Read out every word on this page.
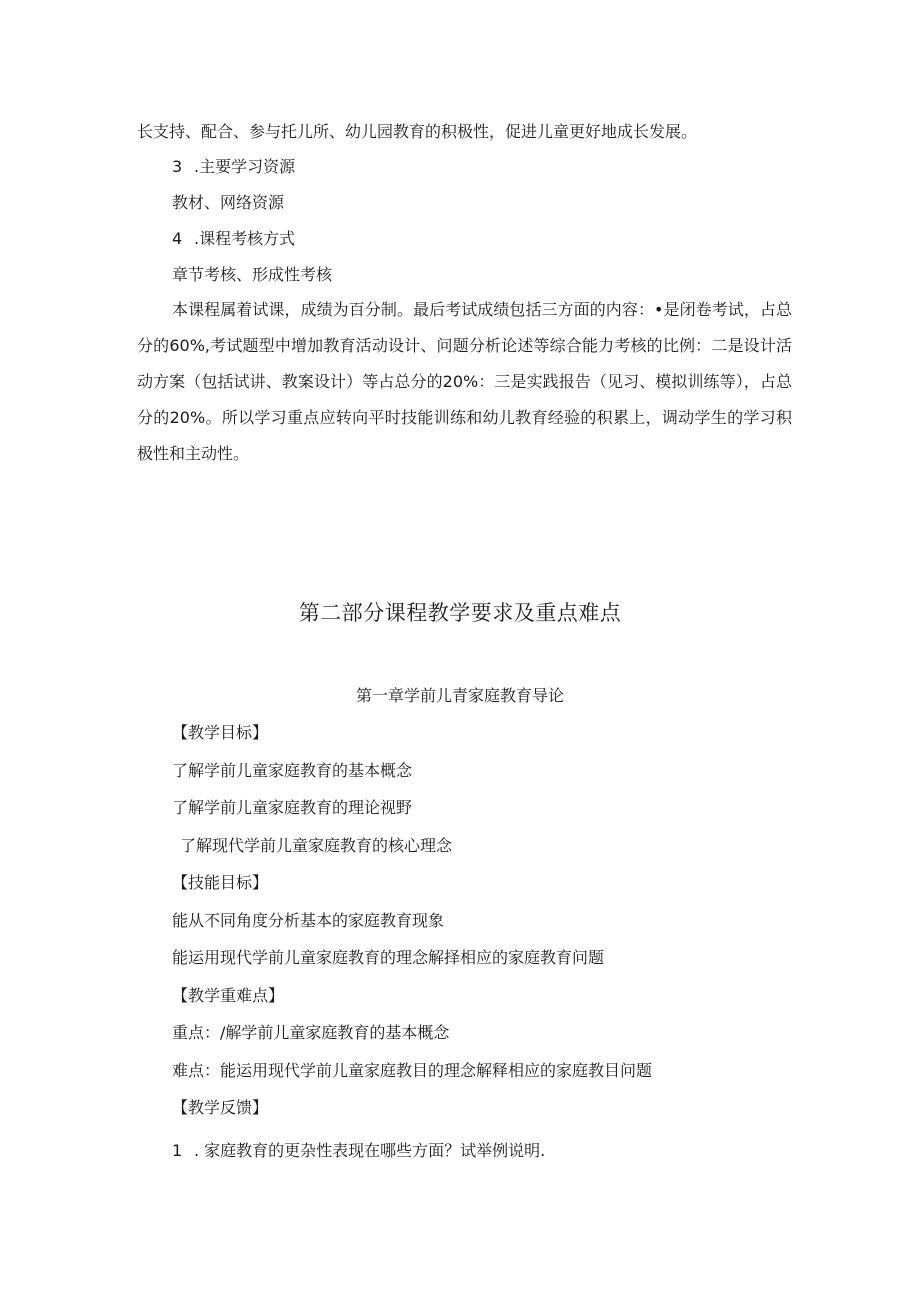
长支持、配合、参与托儿所、幼儿园教育的积极性，促进儿童更好地成长发展。

3 .主要学习资源

教材、网络资源

4 .课程考核方式

章节考核、形成性考核

本课程属着试课，成绩为百分制。最后考试成绩包括三方面的内容：•是闭卷考试，占总分的60%,考试题型中增加教育活动设计、问题分析论述等综合能力考核的比例：二是设计活动方案（包括试讲、教案设计）等占总分的20%：三是实践报告（见习、模拟训练等），占总分的20%。所以学习重点应转向平时技能训练和幼儿教育经验的积累上，调动学生的学习积极性和主动性。

第二部分课程教学要求及重点难点

第一章学前儿青家庭教育导论

【教学目标】

了解学前儿童家庭教育的基本概念

了解学前儿童家庭教育的理论视野

了解现代学前儿童家庭教育的核心理念

【技能目标】

能从不同角度分析基本的家庭教育现象

能运用现代学前儿童家庭教育的理念解择相应的家庭教育问题

【教学重难点】

重点：/解学前儿童家庭教育的基本概念

难点：能运用现代学前儿童家庭教目的理念解释相应的家庭教目问题

【教学反馈】

1 . 家庭教育的更杂性表现在哪些方面？试举例说明.
